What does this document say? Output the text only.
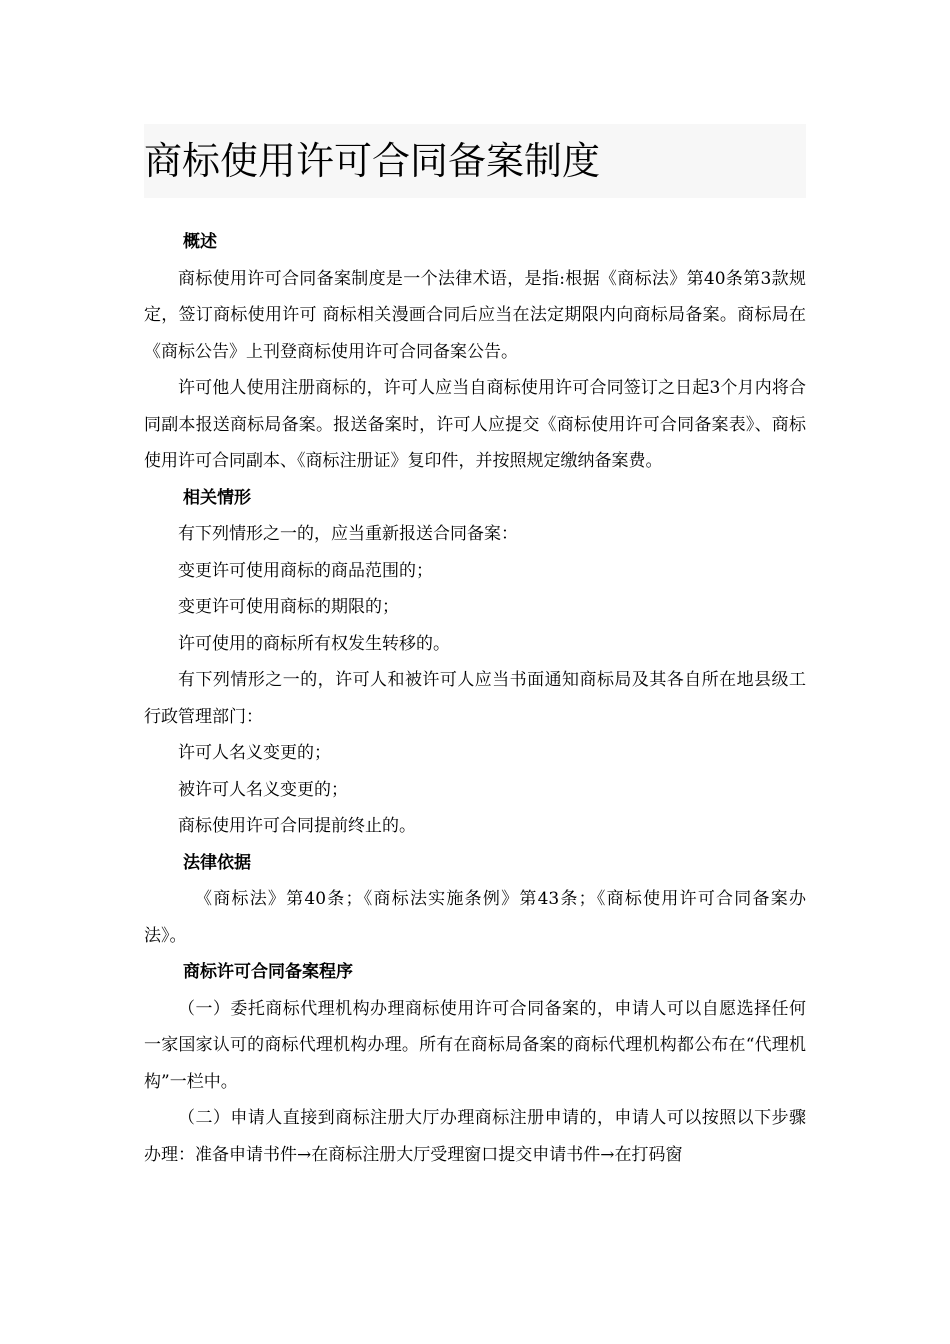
商标使用许可合同备案制度
概述

商标使用许可合同备案制度是一个法律术语，是指:根据《商标法》第40条第3款规定，签订商标使用许可 商标相关漫画合同后应当在法定期限内向商标局备案。商标局在《商标公告》上刊登商标使用许可合同备案公告。

许可他人使用注册商标的，许可人应当自商标使用许可合同签订之日起3个月内将合同副本报送商标局备案。报送备案时，许可人应提交《商标使用许可合同备案表》、商标使用许可合同副本、《商标注册证》复印件，并按照规定缴纳备案费。

相关情形

有下列情形之一的，应当重新报送合同备案：

变更许可使用商标的商品范围的；

变更许可使用商标的期限的；

许可使用的商标所有权发生转移的。

有下列情形之一的，许可人和被许可人应当书面通知商标局及其各自所在地县级工行政管理部门：

许可人名义变更的；

被许可人名义变更的；

商标使用许可合同提前终止的。

法律依据

《商标法》第40条；《商标法实施条例》第43条；《商标使用许可合同备案办法》。

商标许可合同备案程序

（一）委托商标代理机构办理商标使用许可合同备案的，申请人可以自愿选择任何一家国家认可的商标代理机构办理。所有在商标局备案的商标代理机构都公布在“代理机构”一栏中。

（二）申请人直接到商标注册大厅办理商标注册申请的，申请人可以按照以下步骤办理：准备申请书件→在商标注册大厅受理窗口提交申请书件→在打码窗
